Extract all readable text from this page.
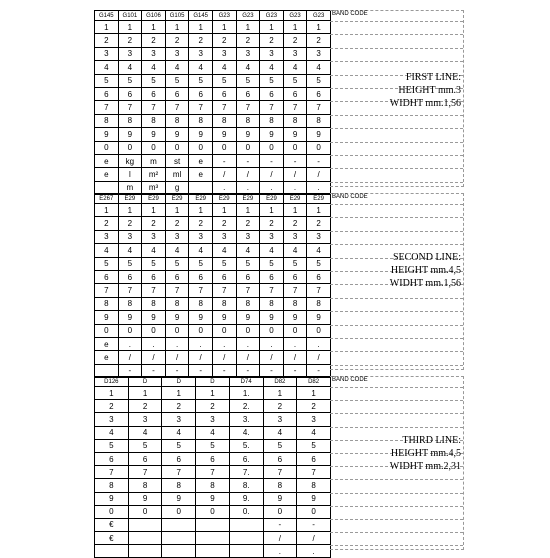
G145	G101	G106	G105	G145	G23	G23	G23	G23	G23
1	1	1	1	1	1	1	1	1	1
2	2	2	2	2	2	2	2	2	2
3	3	3	3	3	3	3	3	3	3
4	4	4	4	4	4	4	4	4	4
5	5	5	5	5	5	5	5	5	5
6	6	6	6	6	6	6	6	6	6
7	7	7	7	7	7	7	7	7	7
8	8	8	8	8	8	8	8	8	8
9	9	9	9	9	9	9	9	9	9
0	0	0	0	0	0	0	0	0	0
e	kg	m	st	e	-	-	-	-	-
e	l	m²	ml	e	/	/	/	/	/
	m	m³	g		.	.	.	.	.
BAND CODE
FIRST LINE:
HEIGHT mm.3
WIDHT mm.1,56
E267	E29	E29	E29	E29	E29	E29	E29	E29	E29
1	1	1	1	1	1	1	1	1	1
2	2	2	2	2	2	2	2	2	2
3	3	3	3	3	3	3	3	3	3
4	4	4	4	4	4	4	4	4	4
5	5	5	5	5	5	5	5	5	5
6	6	6	6	6	6	6	6	6	6
7	7	7	7	7	7	7	7	7	7
8	8	8	8	8	8	8	8	8	8
9	9	9	9	9	9	9	9	9	9
0	0	0	0	0	0	0	0	0	0
e	.	.	.	.	.	.	.	.	.
e	/	/	/	/	/	/	/	/	/
	-	-	-	-	-	-	-	-	-
BAND CODE
SECOND LINE:
HEIGHT mm.4,5
WIDHT mm.1,56
D126	D	D	D	D74	D82	D82
1	1	1	1	1.	1	1
2	2	2	2	2.	2	2
3	3	3	3	3.	3	3
4	4	4	4	4.	4	4
5	5	5	5	5.	5	5
6	6	6	6	6.	6	6
7	7	7	7	7.	7	7
8	8	8	8	8.	8	8
9	9	9	9	9.	9	9
0	0	0	0	0.	0	0
€					-	-
€					/	/
					.	.
BAND CODE
THIRD LINE:
HEIGHT mm.4,5
WIDHT mm.2,31
